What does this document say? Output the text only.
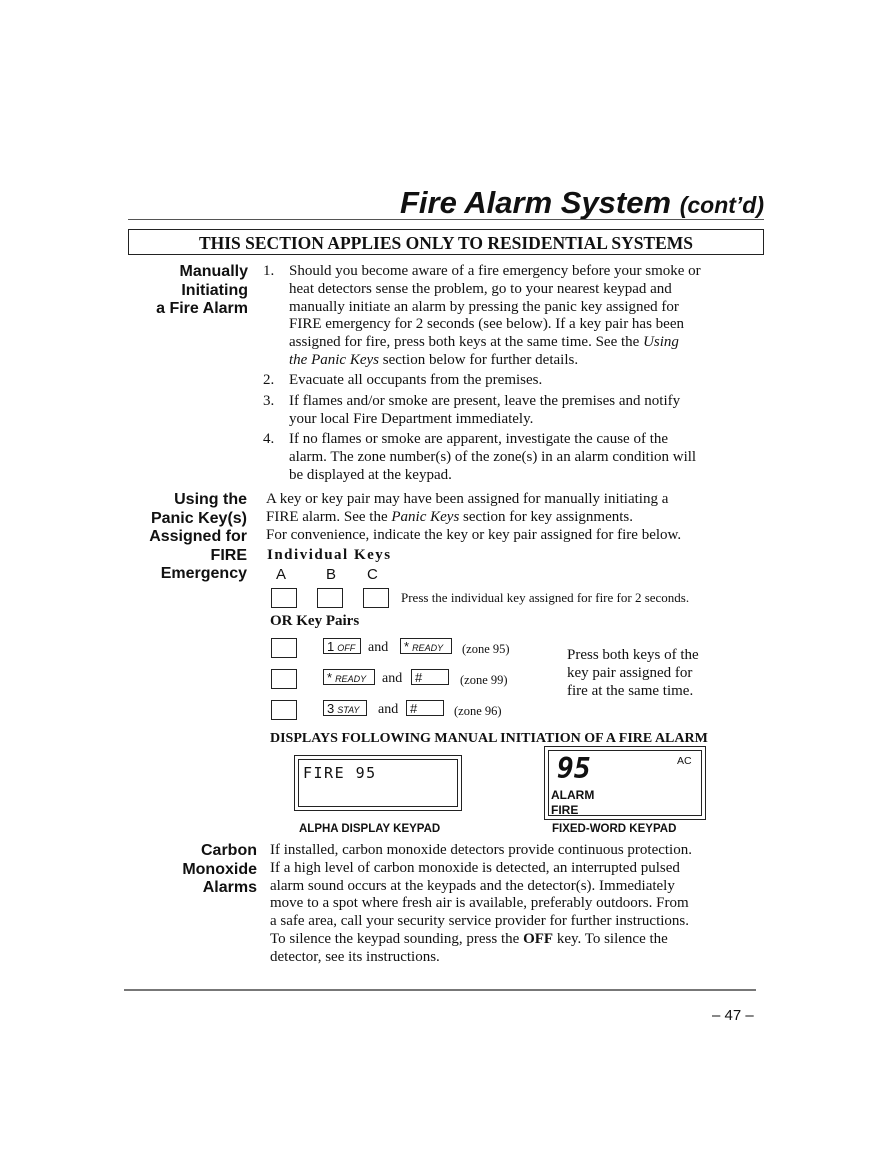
Fire Alarm System (cont’d)
THIS SECTION APPLIES ONLY TO RESIDENTIAL SYSTEMS
Manually
Initiating
a Fire Alarm
1. Should you become aware of a fire emergency before your smoke or
heat detectors sense the problem, go to your nearest keypad and
manually initiate an alarm by pressing the panic key assigned for
FIRE emergency for 2 seconds (see below). If a key pair has been
assigned for fire, press both keys at the same time. See the Using
the Panic Keys section below for further details.
2. Evacuate all occupants from the premises.
3. If flames and/or smoke are present, leave the premises and notify
your local Fire Department immediately.
4. If no flames or smoke are apparent, investigate the cause of the
alarm. The zone number(s) of the zone(s) in an alarm condition will
be displayed at the keypad.
Using the
Panic Key(s)
Assigned for
FIRE
Emergency
A key or key pair may have been assigned for manually initiating a
FIRE alarm. See the Panic Keys section for key assignments.
For convenience, indicate the key or key pair assigned for fire below.
Individual Keys
A	B C
Press the individual key assigned for fire for 2 seconds.
OR Key Pairs
1 OFF and	* READY	(zone 95)
* READY	and #	(zone 99)
3 STAY	and #	(zone 96)
Press both keys of the
key pair assigned for
fire at the same time.
DISPLAYS FOLLOWING MANUAL INITIATION OF A FIRE ALARM
FIRE 95
ALPHA DISPLAY KEYPAD
95	AC
ALARM
FIRE
FIXED-WORD KEYPAD
Carbon
Monoxide
Alarms
If installed, carbon monoxide detectors provide continuous protection.
If a high level of carbon monoxide is detected, an interrupted pulsed
alarm sound occurs at the keypads and the detector(s). Immediately
move to a spot where fresh air is available, preferably outdoors. From
a safe area, call your security service provider for further instructions.
To silence the keypad sounding, press the OFF key. To silence the
detector, see its instructions.
– 47 –
